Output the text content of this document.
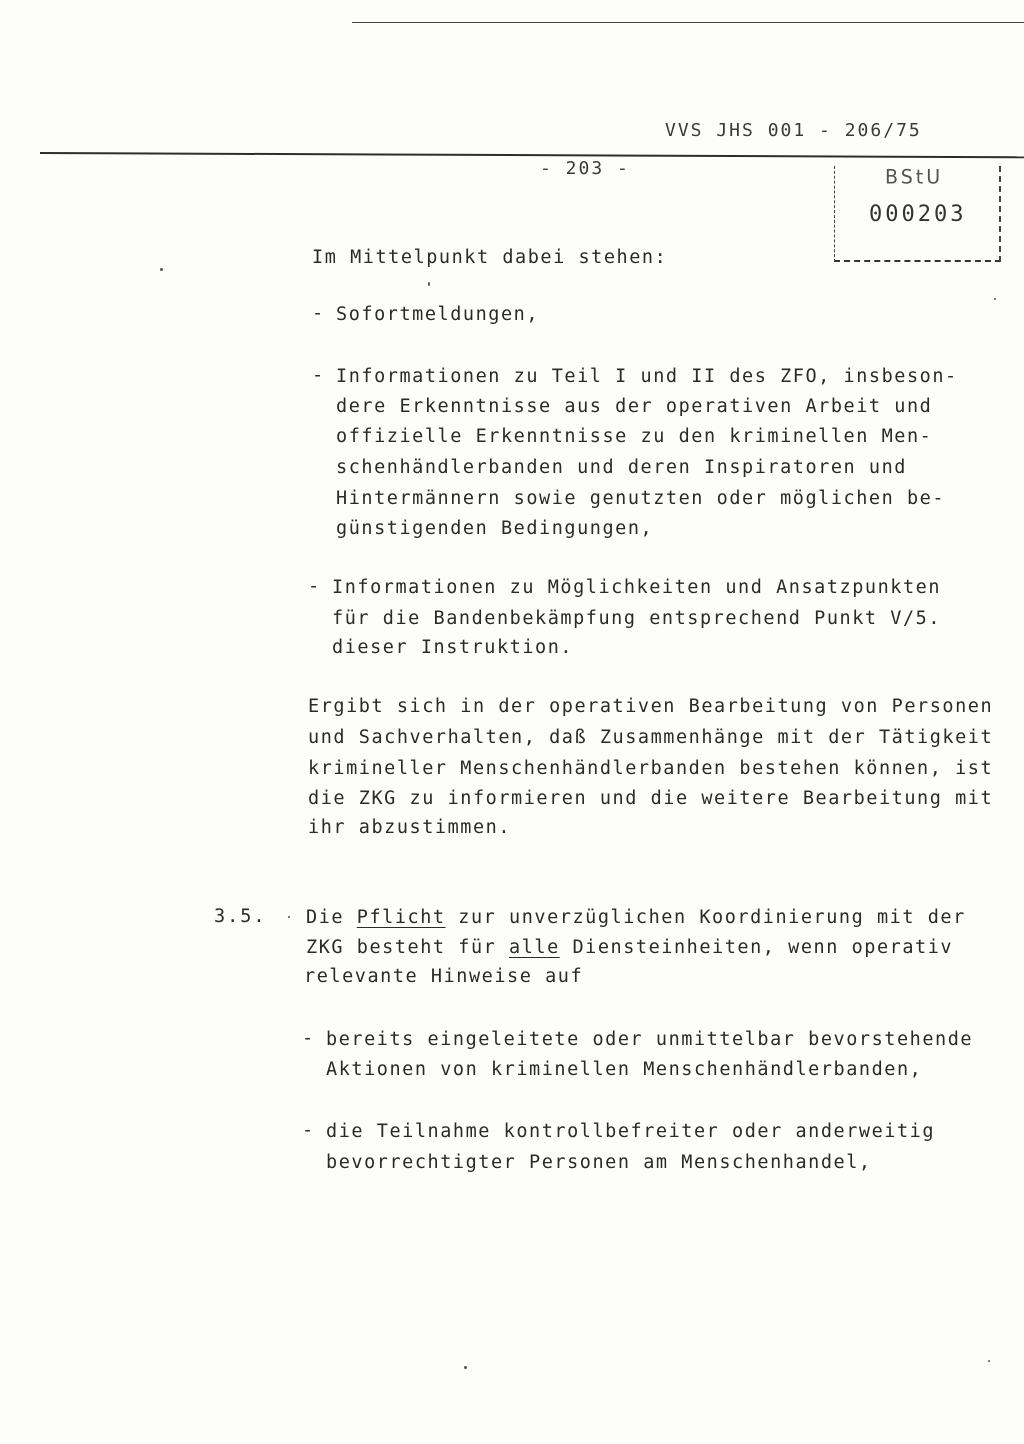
VVS JHS 001 - 206/75
- 203 -	BStU
000203
Im Mittelpunkt dabei stehen:
- Sofortmeldungen,
- Informationen zu Teil I und II des ZFO, insbeson-
dere Erkenntnisse aus der operativen Arbeit und
offizielle Erkenntnisse zu den kriminellen Men-
schenhändlerbanden und deren Inspiratoren und
Hintermännern sowie genutzten oder möglichen be-
günstigenden Bedingungen,
- Informationen zu Möglichkeiten und Ansatzpunkten
für die Bandenbekämpfung entsprechend Punkt V/5.
dieser Instruktion.
Ergibt sich in der operativen Bearbeitung von Personen
und Sachverhalten, daß Zusammenhänge mit der Tätigkeit
krimineller Menschenhändlerbanden bestehen können, ist
die ZKG zu informieren und die weitere Bearbeitung mit
ihr abzustimmen.
3.5. Die Pflicht zur unverzüglichen Koordinierung mit der
ZKG besteht für alle Diensteinheiten, wenn operativ
relevante Hinweise auf
- bereits eingeleitete oder unmittelbar bevorstehende
Aktionen von kriminellen Menschenhändlerbanden,
- die Teilnahme kontrollbefreiter oder anderweitig
bevorrechtigter Personen am Menschenhandel,
